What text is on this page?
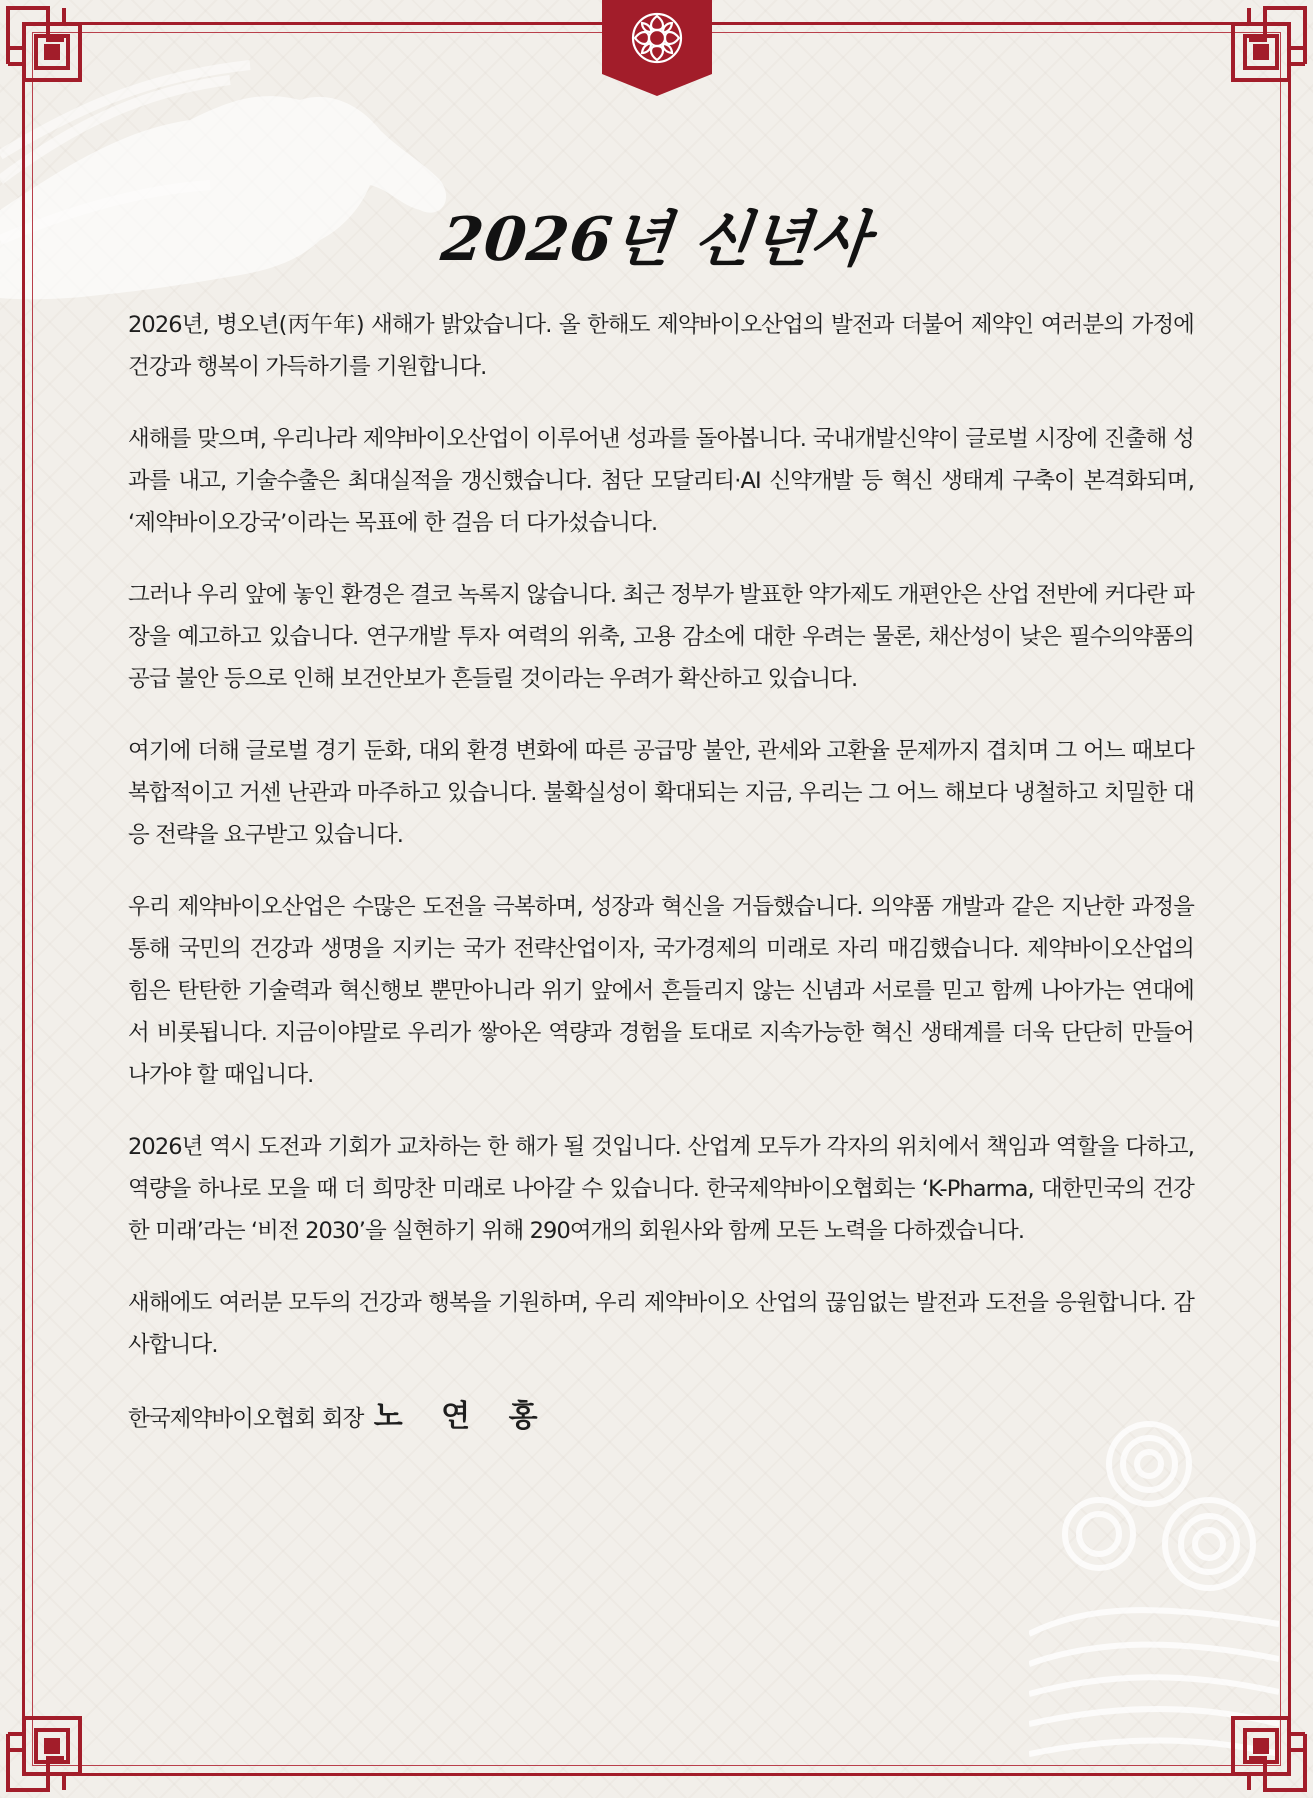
2026년 신년사

2026년, 병오년(丙午年) 새해가 밝았습니다. 올 한해도 제약바이오산업의 발전과 더불어 제약인 여러분의 가정에 건강과 행복이 가득하기를 기원합니다.

새해를 맞으며, 우리나라 제약바이오산업이 이루어낸 성과를 돌아봅니다. 국내개발신약이 글로벌 시장에 진출해 성과를 내고, 기술수출은 최대실적을 갱신했습니다. 첨단 모달리티·AI 신약개발 등 혁신 생태계 구축이 본격화되며, ‘제약바이오강국’이라는 목표에 한 걸음 더 다가섰습니다.

그러나 우리 앞에 놓인 환경은 결코 녹록지 않습니다. 최근 정부가 발표한 약가제도 개편안은 산업 전반에 커다란 파장을 예고하고 있습니다. 연구개발 투자 여력의 위축, 고용 감소에 대한 우려는 물론, 채산성이 낮은 필수의약품의 공급 불안 등으로 인해 보건안보가 흔들릴 것이라는 우려가 확산하고 있습니다.

여기에 더해 글로벌 경기 둔화, 대외 환경 변화에 따른 공급망 불안, 관세와 고환율 문제까지 겹치며 그 어느 때보다 복합적이고 거센 난관과 마주하고 있습니다. 불확실성이 확대되는 지금, 우리는 그 어느 해보다 냉철하고 치밀한 대응 전략을 요구받고 있습니다.

우리 제약바이오산업은 수많은 도전을 극복하며, 성장과 혁신을 거듭했습니다. 의약품 개발과 같은 지난한 과정을 통해 국민의 건강과 생명을 지키는 국가 전략산업이자, 국가경제의 미래로 자리 매김했습니다. 제약바이오산업의 힘은 탄탄한 기술력과 혁신행보 뿐만아니라 위기 앞에서 흔들리지 않는 신념과 서로를 믿고 함께 나아가는 연대에서 비롯됩니다. 지금이야말로 우리가 쌓아온 역량과 경험을 토대로 지속가능한 혁신 생태계를 더욱 단단히 만들어 나가야 할 때입니다.

2026년 역시 도전과 기회가 교차하는 한 해가 될 것입니다. 산업계 모두가 각자의 위치에서 책임과 역할을 다하고, 역량을 하나로 모을 때 더 희망찬 미래로 나아갈 수 있습니다. 한국제약바이오협회는 ‘K-Pharma, 대한민국의 건강한 미래’라는 ‘비전 2030’을 실현하기 위해 290여개의 회원사와 함께 모든 노력을 다하겠습니다.

새해에도 여러분 모두의 건강과 행복을 기원하며, 우리 제약바이오 산업의 끊임없는 발전과 도전을 응원합니다. 감사합니다.

한국제약바이오협회 회장 노 연 홍
